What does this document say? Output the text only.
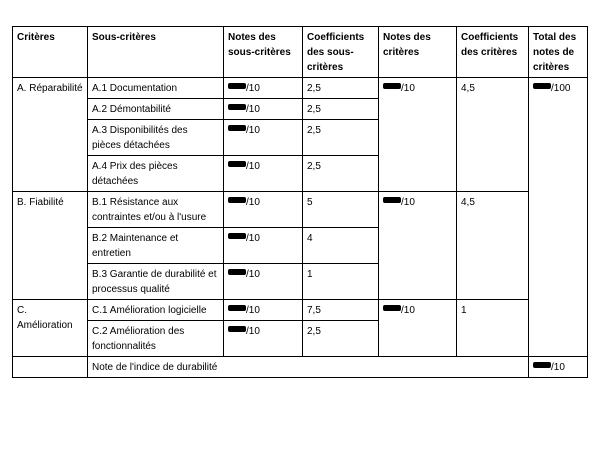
Critères	Sous-critères	Notes des sous-critères	Coefficients des sous-critères	Notes des critères	Coefficients des critères	Total des notes de critères
A. Réparabilité	A.1 Documentation	/10	2,5	/10	4,5	/100
	A.2 Démontabilité	/10	2,5			
	A.3 Disponibilités des pièces détachées	/10	2,5			
	A.4 Prix des pièces détachées	/10	2,5			
B. Fiabilité	B.1 Résistance aux contraintes et/ou à l'usure	/10	5	/10	4,5	
	B.2 Maintenance et entretien	/10	4			
	B.3 Garantie de durabilité et processus qualité	/10	1			
C. Amélioration	C.1 Amélioration logicielle	/10	7,5	/10	1	
	C.2 Amélioration des fonctionnalités	/10	2,5			
	Note de l'indice de durabilité					/10
